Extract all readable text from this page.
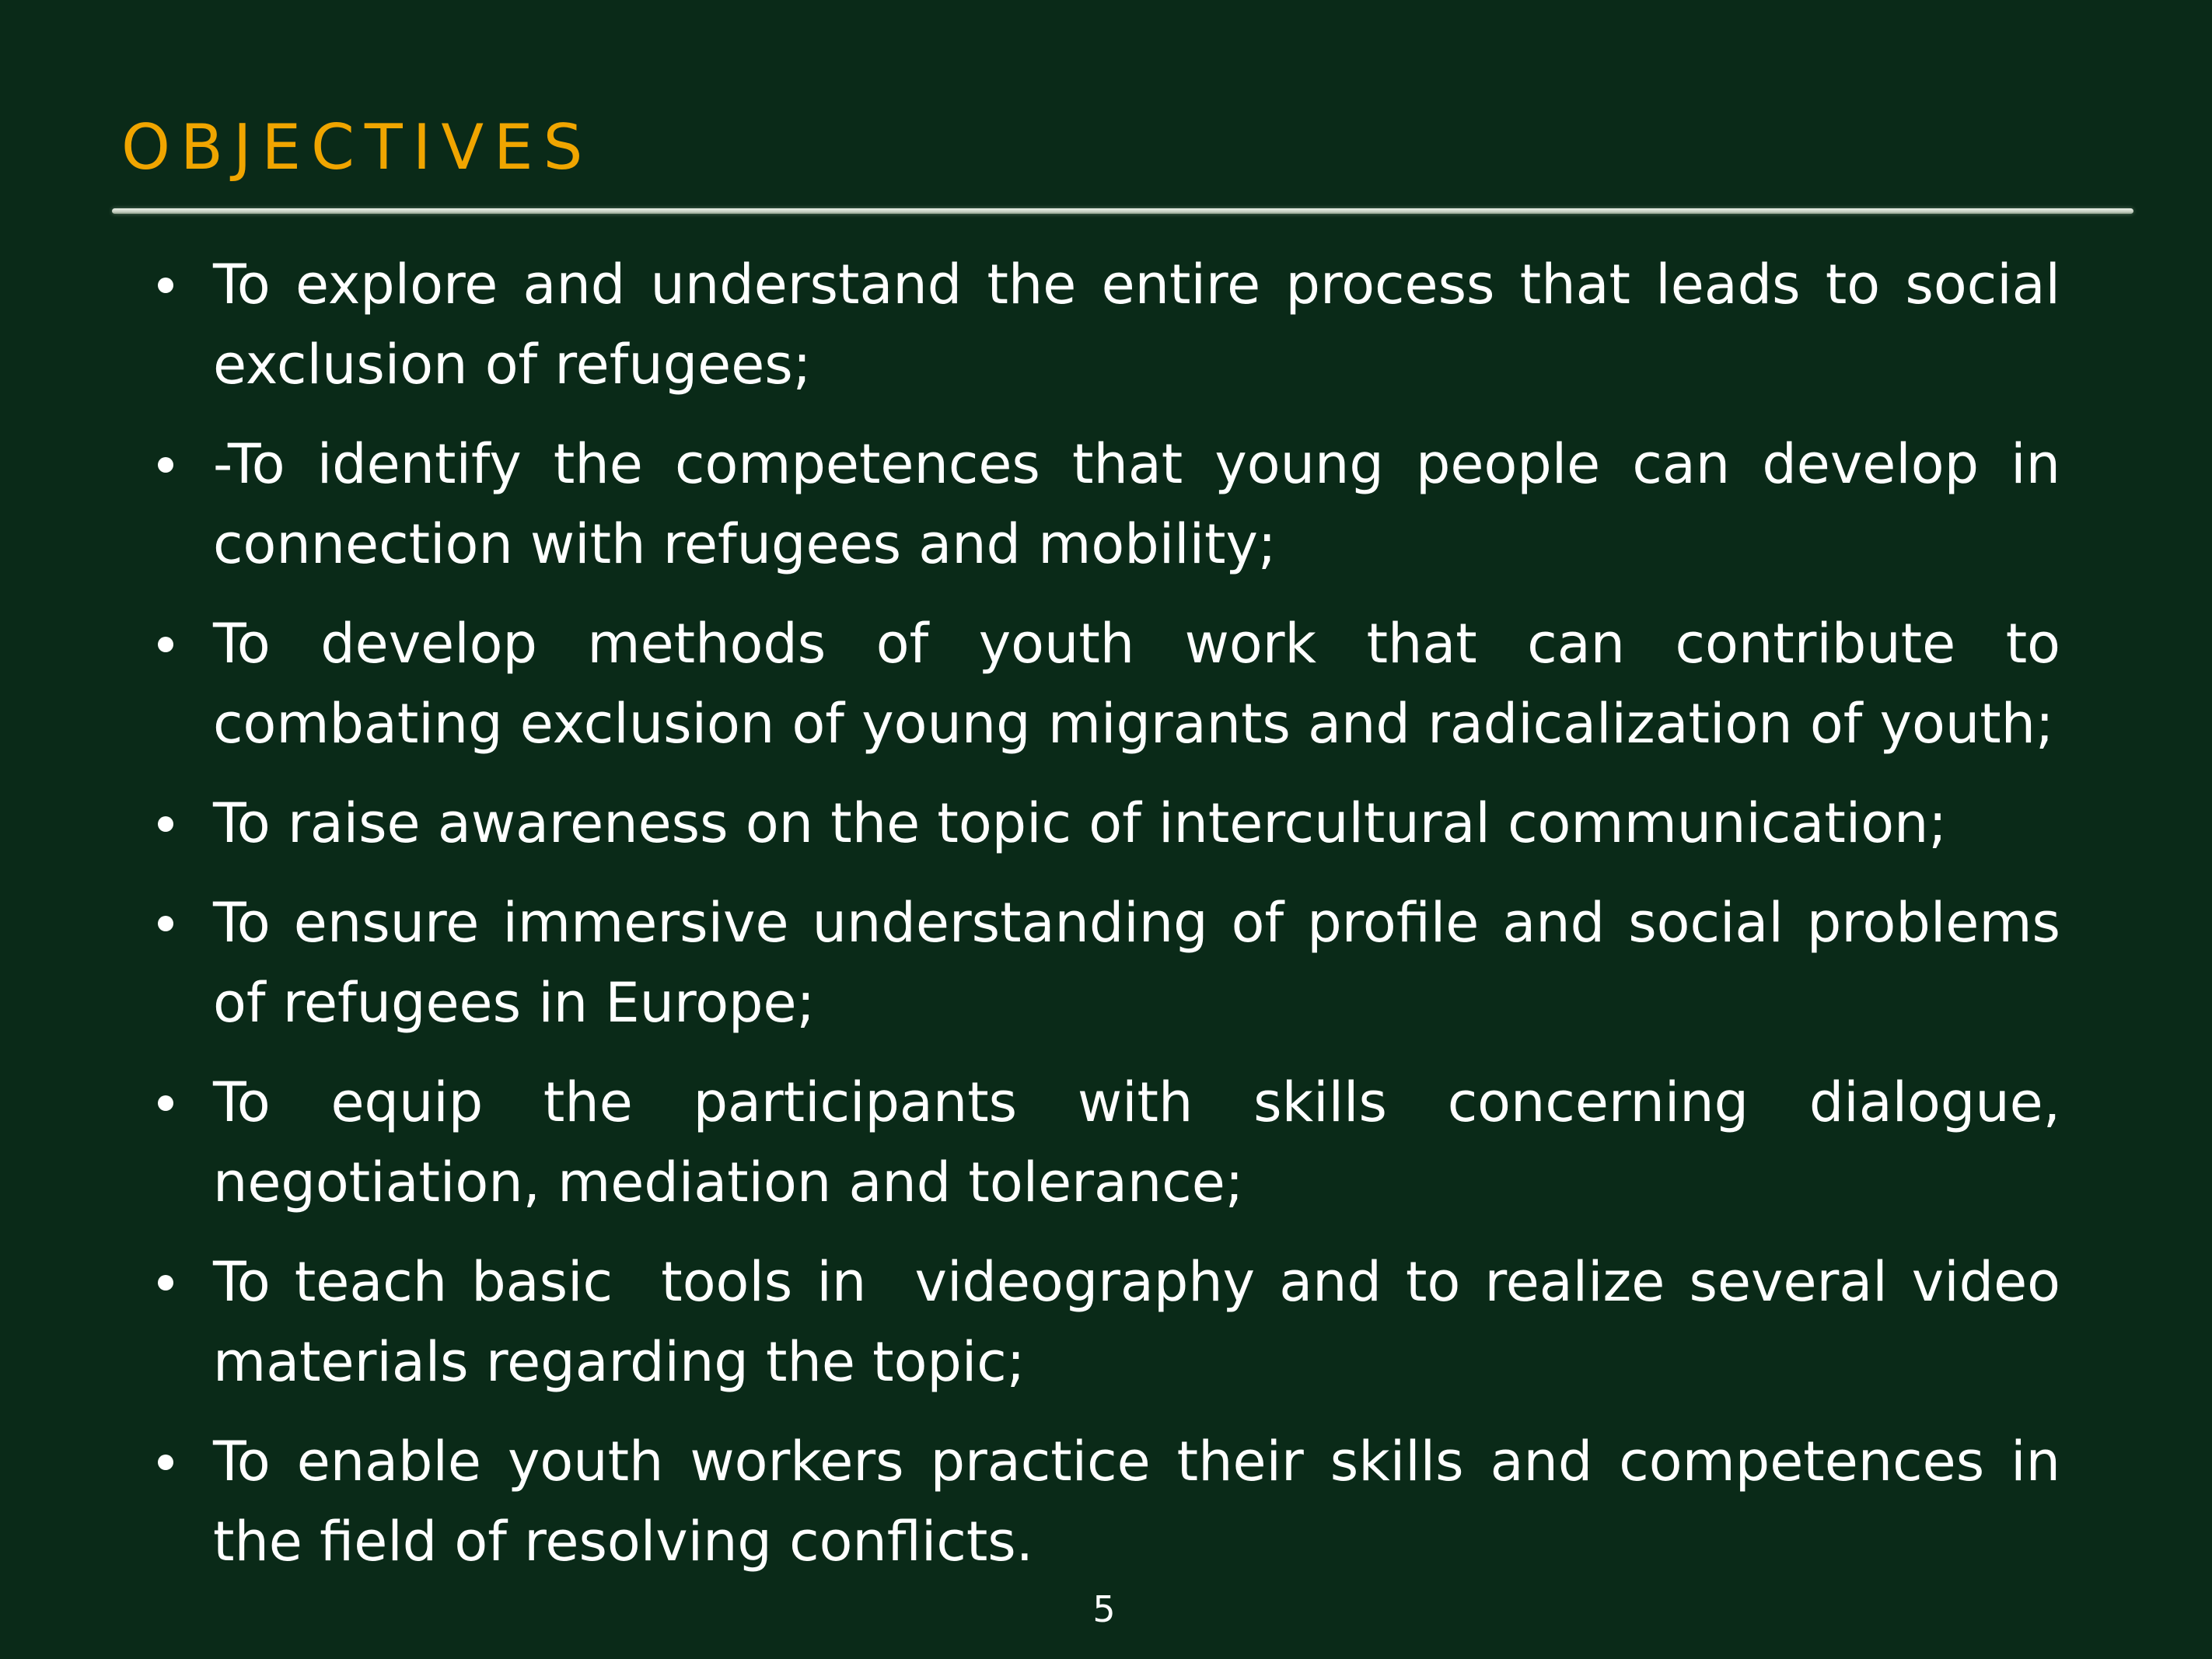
OBJECTIVES
To explore and understand the entire process that leads to social exclusion of refugees;
-To identify the competences that young people can develop in connection with refugees and mobility;
To develop methods of youth work that can contribute to combating exclusion of young migrants and radicalization of youth;
To raise awareness on the topic of intercultural communication;
To ensure immersive understanding of profile and social problems of refugees in Europe;
To equip the participants with skills concerning dialogue, negotiation, mediation and tolerance;
To teach basic  tools in  videography and to realize several video materials regarding the topic;
To enable youth workers practice their skills and competences in the field of resolving conflicts.
5
